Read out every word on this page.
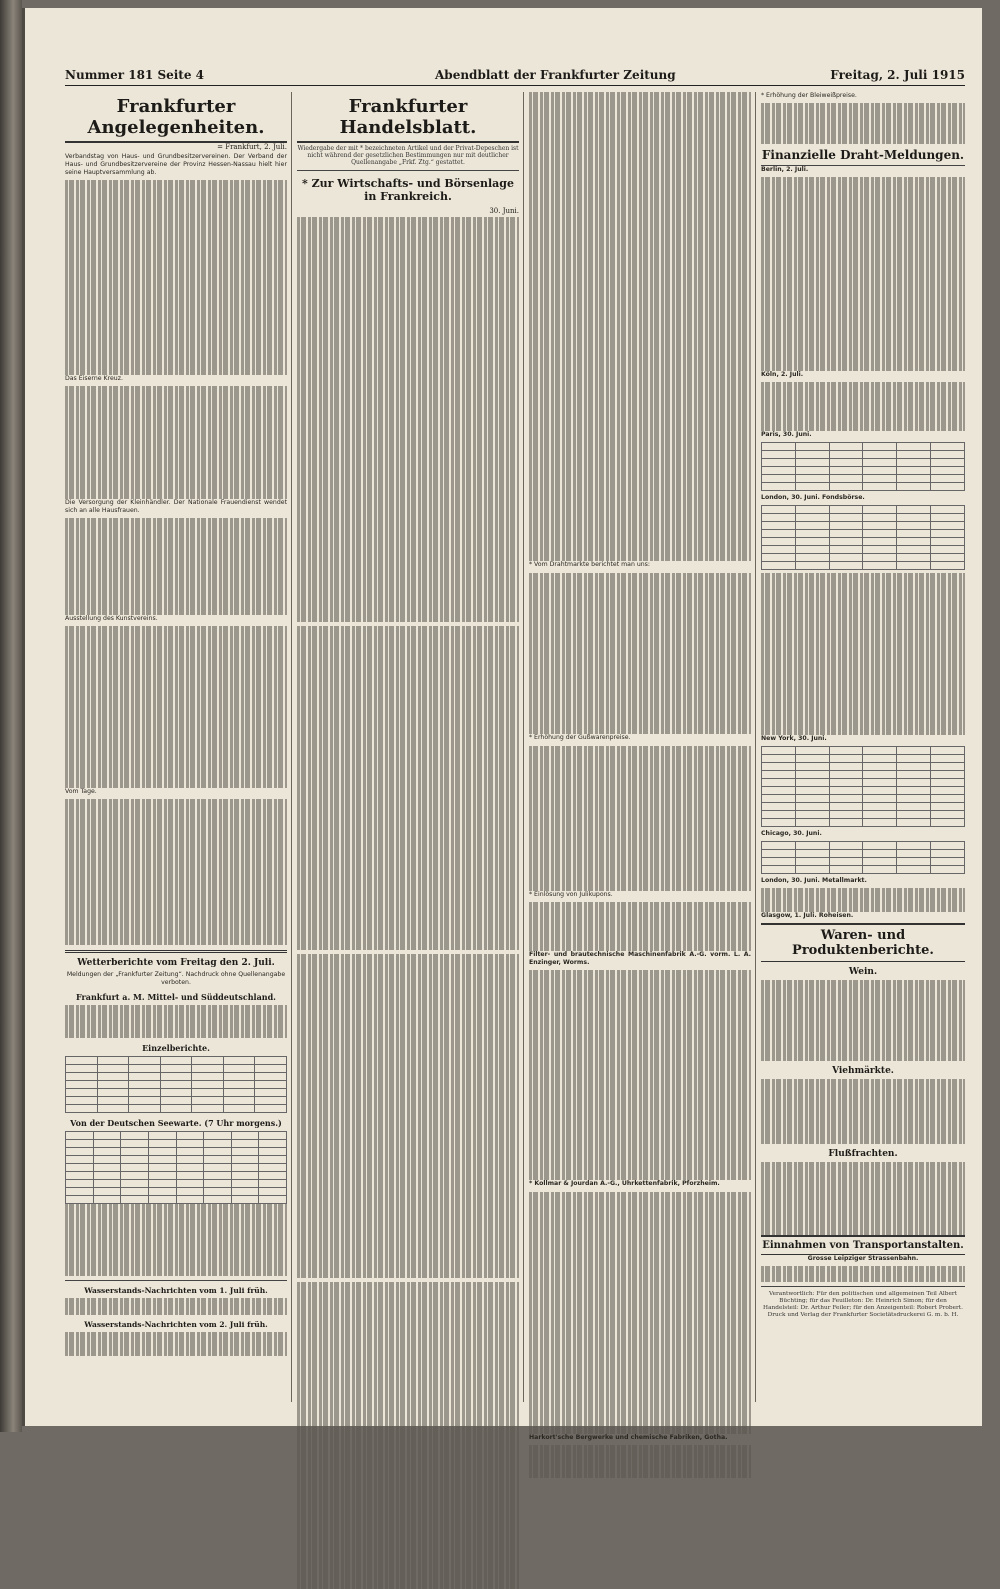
Nummer 181 Seite 4	Abendblatt der Frankfurter Zeitung	Freitag, 2. Juli 1915
Frankfurter Angelegenheiten.
= Frankfurt, 2. Juli.
Verbandstag von Haus- und Grundbesitzervereinen. Der Verband der Haus- und Grundbesitzervereine der Provinz Hessen-Nassau hielt hier seine Hauptversammlung ab.
Das Eiserne Kreuz.
Die Versorgung der Kleinhändler. Der Nationale Frauendienst wendet sich an alle Hausfrauen.
Ausstellung des Kunstvereins.
Vom Tage.
Wetterberichte vom Freitag den 2. Juli.
Meldungen der „Frankfurter Zeitung“. Nachdruck ohne Quellenangabe verboten.
Frankfurt a. M. Mittel- und Süddeutschland.
Einzelberichte.

Von der Deutschen Seewarte. (7 Uhr morgens.)

Wasserstands-Nachrichten vom 1. Juli früh.
Wasserstands-Nachrichten vom 2. Juli früh.
Frankfurter Handelsblatt.
Wiedergabe der mit * bezeichneten Artikel und der Privat-Depeschen ist nicht während der gesetzlichen Bestimmungen nur mit deutlicher Quellenangabe „Frkf. Ztg.“ gestattet.
* Zur Wirtschafts- und Börsenlage in Frankreich.
30. Juni.
* Vom Drahtmarkte berichtet man uns:
* Erhöhung der Gußwarenpreise.
* Einlösung von Julikupons.
Filter- und brautechnische Maschinenfabrik A.-G. vorm. L. A. Enzinger, Worms.
* Kollmar & Jourdan A.-G., Uhrkettenfabrik, Pforzheim.
Harkort'sche Bergwerke und chemische Fabriken, Gotha.
* Erhöhung der Bleiweißpreise.
Finanzielle Draht-Meldungen.
Berlin, 2. Juli.
Köln, 2. Juli.
Paris, 30. Juni.

London, 30. Juni. Fondsbörse.

New York, 30. Juni.

Chicago, 30. Juni.

London, 30. Juni. Metallmarkt.
Glasgow, 1. Juli. Roheisen.
Waren- und Produktenberichte.
Wein.
Viehmärkte.
Flußfrachten.
Einnahmen von Transportanstalten.
Grosse Leipziger Strassenbahn.
Verantwortlich: Für den politischen und allgemeinen Teil Albert Büchting; für das Feuilleton: Dr. Heinrich Simon; für den Handelsteil: Dr. Arthur Feiler; für den Anzeigenteil: Robert Probert. Druck und Verlag der Frankfurter Societätsdruckerei G. m. b. H.
